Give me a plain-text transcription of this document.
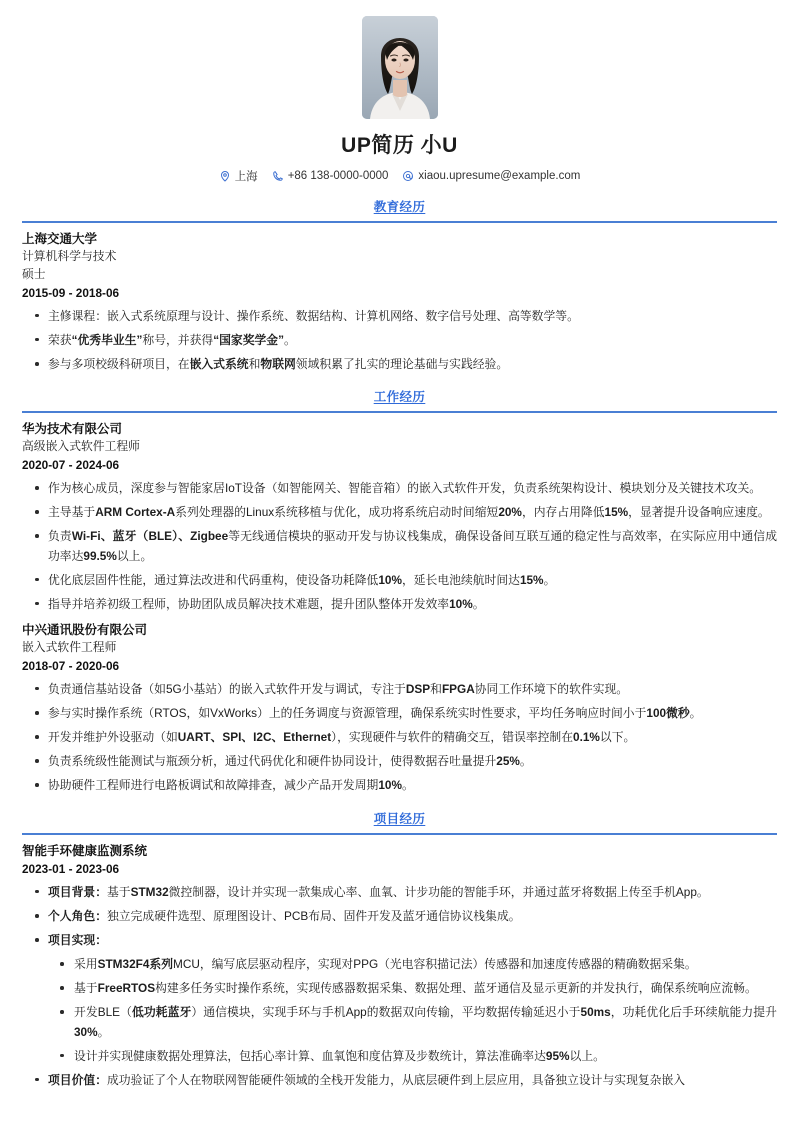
UP简历 小U
上海	+86 138-0000-0000	xiaou.upresume@example.com
教育经历
上海交通大学
计算机科学与技术
硕士
2015-09 - 2018-06
主修课程：嵌入式系统原理与设计、操作系统、数据结构、计算机网络、数字信号处理、高等数学等。
荣获“优秀毕业生”称号，并获得“国家奖学金”。
参与多项校级科研项目，在嵌入式系统和物联网领域积累了扎实的理论基础与实践经验。
工作经历
华为技术有限公司
高级嵌入式软件工程师
2020-07 - 2024-06
作为核心成员，深度参与智能家居IoT设备（如智能网关、智能音箱）的嵌入式软件开发，负责系统架构设计、模块划分及关键技术攻关。
主导基于ARM Cortex-A系列处理器的Linux系统移植与优化，成功将系统启动时间缩短20%，内存占用降低15%，显著提升设备响应速度。
负责Wi-Fi、蓝牙（BLE）、Zigbee等无线通信模块的驱动开发与协议栈集成，确保设备间互联互通的稳定性与高效率，在实际应用中通信成功率达99.5%以上。
优化底层固件性能，通过算法改进和代码重构，使设备功耗降低10%，延长电池续航时间达15%。
指导并培养初级工程师，协助团队成员解决技术难题，提升团队整体开发效率10%。
中兴通讯股份有限公司
嵌入式软件工程师
2018-07 - 2020-06
负责通信基站设备（如5G小基站）的嵌入式软件开发与调试，专注于DSP和FPGA协同工作环境下的软件实现。
参与实时操作系统（RTOS，如VxWorks）上的任务调度与资源管理，确保系统实时性要求，平均任务响应时间小于100微秒。
开发并维护外设驱动（如UART、SPI、I2C、Ethernet），实现硬件与软件的精确交互，错误率控制在0.1%以下。
负责系统级性能测试与瓶颈分析，通过代码优化和硬件协同设计，使得数据吞吐量提升25%。
协助硬件工程师进行电路板调试和故障排查，减少产品开发周期10%。
项目经历
智能手环健康监测系统
2023-01 - 2023-06
项目背景：基于STM32微控制器，设计并实现一款集成心率、血氧、计步功能的智能手环，并通过蓝牙将数据上传至手机App。
个人角色：独立完成硬件选型、原理图设计、PCB布局、固件开发及蓝牙通信协议栈集成。
项目实现：
采用STM32F4系列MCU，编写底层驱动程序，实现对PPG（光电容积描记法）传感器和加速度传感器的精确数据采集。
基于FreeRTOS构建多任务实时操作系统，实现传感器数据采集、数据处理、蓝牙通信及显示更新的并发执行，确保系统响应流畅。
开发BLE（低功耗蓝牙）通信模块，实现手环与手机App的数据双向传输，平均数据传输延迟小于50ms，功耗优化后手环续航能力提升30%。
设计并实现健康数据处理算法，包括心率计算、血氧饱和度估算及步数统计，算法准确率达95%以上。
项目价值：成功验证了个人在物联网智能硬件领域的全栈开发能力，从底层硬件到上层应用，具备独立设计与实现复杂嵌入
